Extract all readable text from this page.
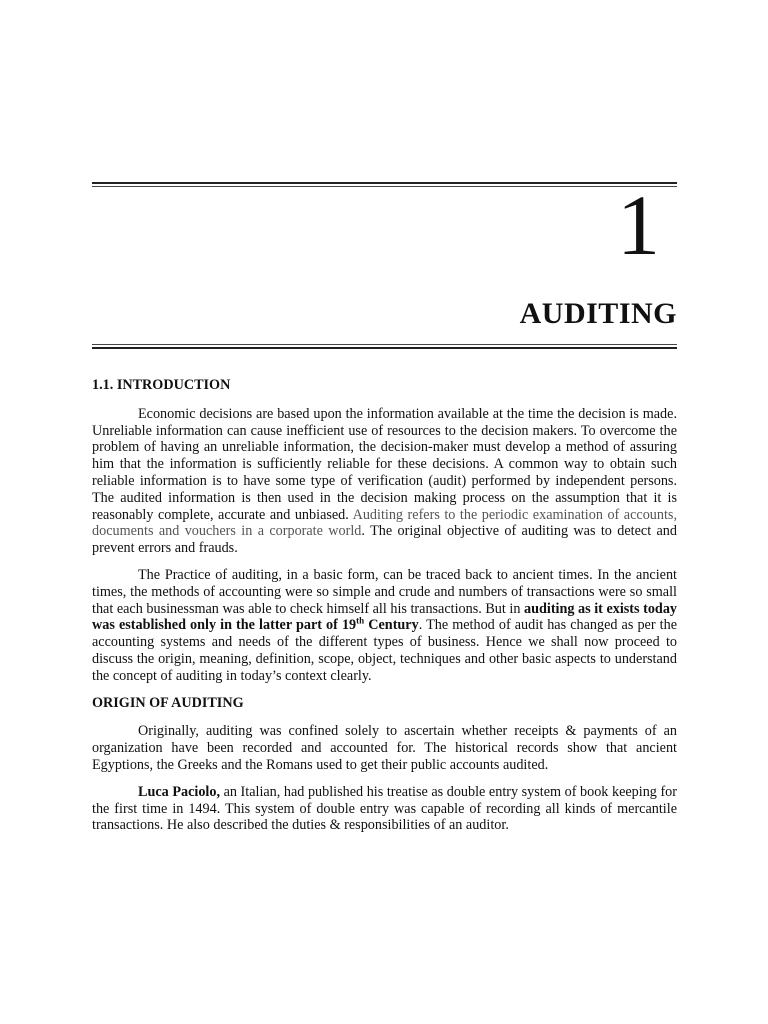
1
AUDITING
1.1. INTRODUCTION

Economic decisions are based upon the information available at the time the decision is made. Unreliable information can cause inefficient use of resources to the decision makers. To overcome the problem of having an unreliable information, the decision-maker must develop a method of assuring him that the information is sufficiently reliable for these decisions. A common way to obtain such reliable information is to have some type of verification (audit) performed by independent persons. The audited information is then used in the decision making process on the assumption that it is reasonably complete, accurate and unbiased. Auditing refers to the periodic examination of accounts, documents and vouchers in a corporate world. The original objective of auditing was to detect and prevent errors and frauds.

The Practice of auditing, in a basic form, can be traced back to ancient times. In the ancient times, the methods of accounting were so simple and crude and numbers of transactions were so small that each businessman was able to check himself all his transactions. But in auditing as it exists today was established only in the latter part of 19th Century. The method of audit has changed as per the accounting systems and needs of the different types of business. Hence we shall now proceed to discuss the origin, meaning, definition, scope, object, techniques and other basic aspects to understand the concept of auditing in today’s context clearly.

ORIGIN OF AUDITING

Originally, auditing was confined solely to ascertain whether receipts & payments of an organization have been recorded and accounted for. The historical records show that ancient Egyptions, the Greeks and the Romans used to get their public accounts audited.

Luca Paciolo, an Italian, had published his treatise as double entry system of book keeping for the first time in 1494. This system of double entry was capable of recording all kinds of mercantile transactions. He also described the duties & responsibilities of an auditor.
